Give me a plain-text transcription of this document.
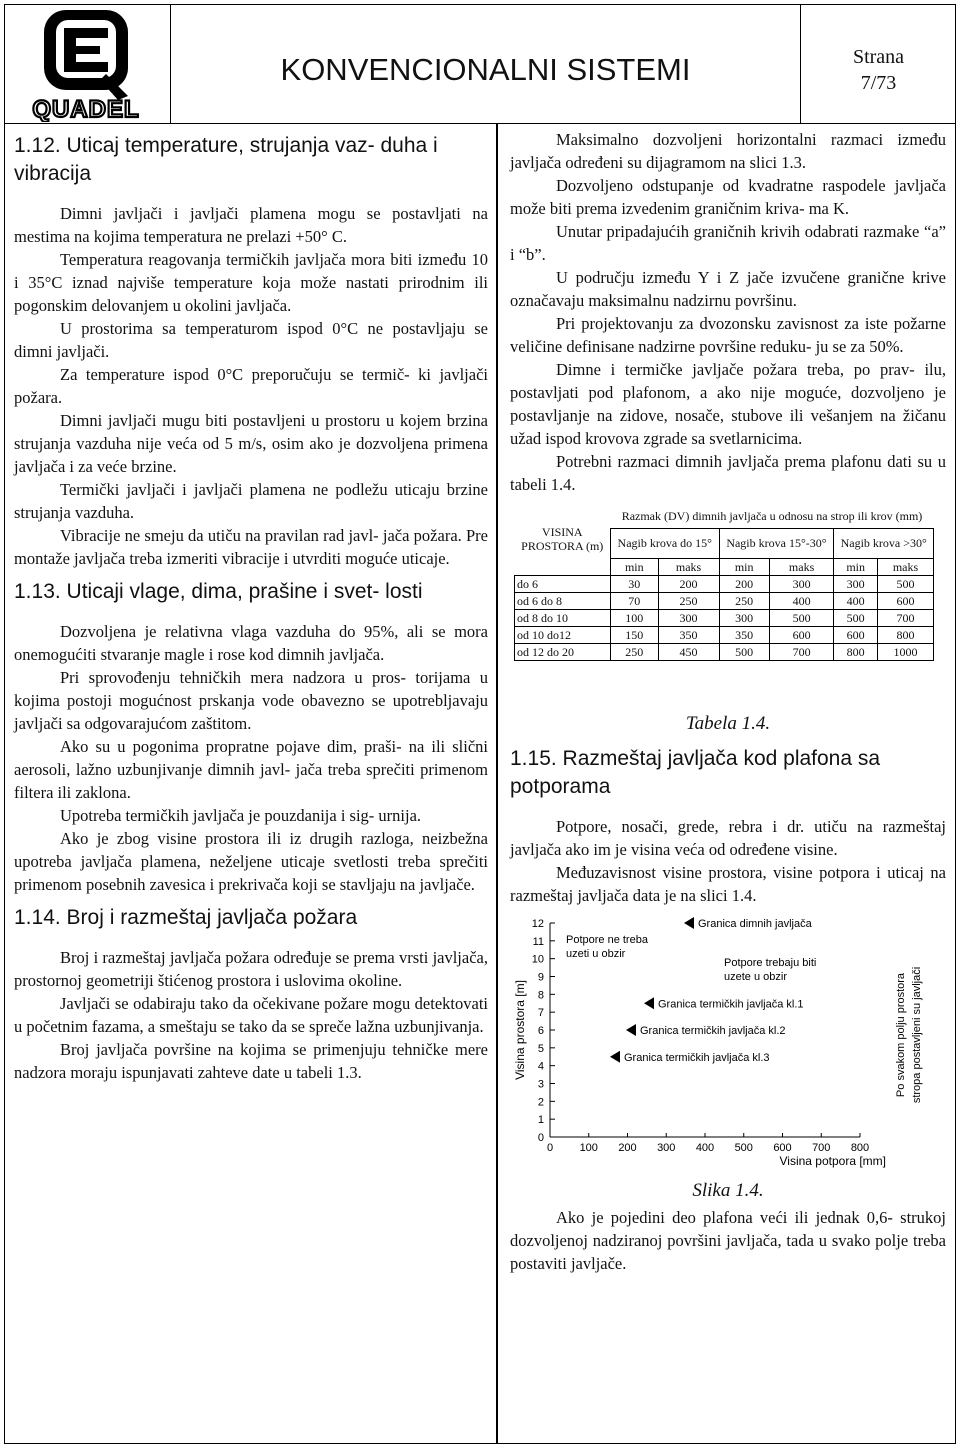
QUADEL
KONVENCIONALNI SISTEMI	Strana
7/73
1.12. Uticaj temperature, strujanja vaz- duha i vibracija

Dimni javljači i javljači plamena mogu se postavljati na mestima na kojima temperatura ne prelazi +50° C.

Temperatura reagovanja termičkih javljača mora biti između 10 i 35°C iznad najviše temperature koja može nastati prirodnim ili pogonskim delovanjem u okolini javljača.

U prostorima sa temperaturom ispod 0°C ne postavljaju se dimni javljači.

Za temperature ispod 0°C preporučuju se termič- ki javljači požara.

Dimni javljači mugu biti postavljeni u prostoru u kojem brzina strujanja vazduha nije veća od 5 m/s, osim ako je dozvoljena primena javljača i za veće brzine.

Termički javljači i javljači plamena ne podležu uticaju brzine strujanja vazduha.

Vibracije ne smeju da utiču na pravilan rad javl- jača požara. Pre montaže javljača treba izmeriti vibracije i utvrditi moguće uticaje.

1.13. Uticaji vlage, dima, prašine i svet- losti

Dozvoljena je relativna vlaga vazduha do 95%, ali se mora onemogućiti stvaranje magle i rose kod dimnih javljača.

Pri sprovođenju tehničkih mera nadzora u pros- torijama u kojima postoji mogućnost prskanja vode obavezno se upotrebljavaju javljači sa odgovarajućom zaštitom.

Ako su u pogonima propratne pojave dim, praši- na ili slični aerosoli, lažno uzbunjivanje dimnih javl- jača treba sprečiti primenom filtera ili zaklona.

Upotreba termičkih javljača je pouzdanija i sig- urnija.

Ako je zbog visine prostora ili iz drugih razloga, neizbežna upotreba javljača plamena, neželjene uticaje svetlosti treba sprečiti primenom posebnih zavesica i prekrivača koji se stavljaju na javljače.

1.14. Broj i razmeštaj javljača požara

Broj i razmeštaj javljača požara određuje se prema vrsti javljača, prostornoj geometriji štićenog prostora i uslovima okoline.

Javljači se odabiraju tako da očekivane požare mogu detektovati u početnim fazama, a smeštaju se tako da se spreče lažna uzbunjivanja.

Broj javljača površine na kojima se primenjuju tehničke mere nadzora moraju ispunjavati zahteve date u tabeli 1.3.

Maksimalno dozvoljeni horizontalni razmaci između javljača određeni su dijagramom na slici 1.3.

Dozvoljeno odstupanje od kvadratne raspodele javljača može biti prema izvedenim graničnim kriva- ma K.

Unutar pripadajućih graničnih krivih odabrati razmake “a” i “b”.

U području između Y i Z jače izvučene granične krive označavaju maksimalnu nadzirnu površinu.

Pri projektovanju za dvozonsku zavisnost za iste požarne veličine definisane nadzirne površine reduku- ju se za 50%.

Dimne i termičke javljače požara treba, po prav- ilu, postavljati pod plafonom, a ako nije moguće, dozvoljeno je postavljanje na zidove, nosače, stubove ili vešanjem na žičanu užad ispod krovova zgrade sa svetlarnicima.

Potrebni razmaci dimnih javljača prema plafonu dati su u tabeli 1.4.

VISINA PROSTORA (m)	Razmak (DV) dimnih javljača u odnosu na strop ili krov (mm)					
	Nagib krova do 15°		Nagib krova 15°-30°		Nagib krova >30°	
	min	maks	min	maks	min	maks
do 6	30	200	200	300	300	500
od 6 do 8	70	250	250	400	400	600
od 8 do 10	100	300	300	500	500	700
od 10 do12	150	350	350	600	600	800
od 12 do 20	250	450	500	700	800	1000
Tabela 1.4.
1.15. Razmeštaj javljača kod plafona sa potporama

Potpore, nosači, grede, rebra i dr. utiču na razmeštaj javljača ako im je visina veća od određene visine.

Međuzavisnost visine prostora, visine potpora i uticaj na razmeštaj javljača data je na slici 1.4.

0
1
2
3
4
5
6
7
8
9
10
11
12
0 100 200 300 400 500 600 700 800
Granica dimnih javljača
Granica termičkih javljača kl.1
Granica termičkih javljača kl.2
Granica termičkih javljača kl.3
Visina prostora [m]
Visina potpora [mm]
Potpore ne treba
uzeti u obzir
Potpore trebaju biti
uzete u obzir	Po svakom polju prostora stropa postavljeni su javljači
Slika 1.4.

Ako je pojedini deo plafona veći ili jednak 0,6- strukoj dozvoljenoj nadziranoj površini javljača, tada u svako polje treba postaviti javljače.
